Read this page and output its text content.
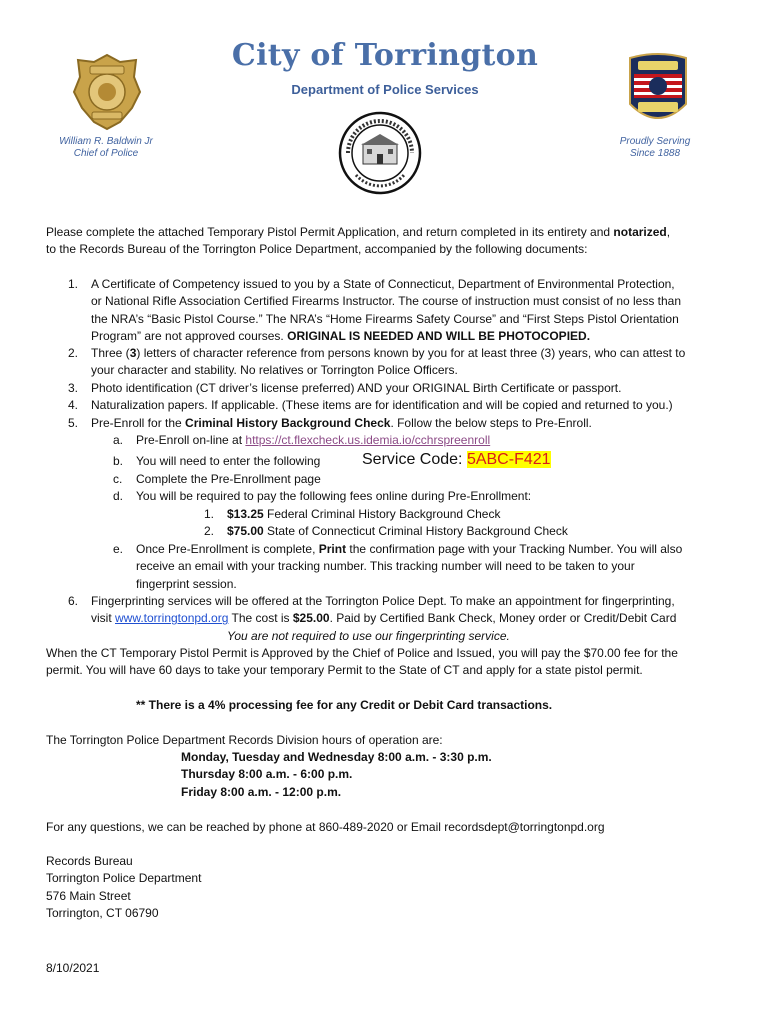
City of Torrington
Department of Police Services
William R. Baldwin Jr
Chief of Police
Proudly Serving
Since 1888
Please complete the attached Temporary Pistol Permit Application, and return completed in its entirety and notarized,
to the Records Bureau of the Torrington Police Department, accompanied by the following documents:
1. A Certificate of Competency issued to you by a State of Connecticut, Department of Environmental Protection,
or National Rifle Association Certified Firearms Instructor. The course of instruction must consist of no less than
the NRA’s “Basic Pistol Course.” The NRA’s “Home Firearms Safety Course” and “First Steps Pistol Orientation
Program” are not approved courses. ORIGINAL IS NEEDED AND WILL BE PHOTOCOPIED.
2. Three (3) letters of character reference from persons known by you for at least three (3) years, who can attest to
your character and stability. No relatives or Torrington Police Officers.
3. Photo identification (CT driver’s license preferred) AND your ORIGINAL Birth Certificate or passport.
4. Naturalization papers. If applicable. (These items are for identification and will be copied and returned to you.)
5. Pre-Enroll for the Criminal History Background Check. Follow the below steps to Pre-Enroll.
a. Pre-Enroll on-line at https://ct.flexcheck.us.idemia.io/cchrspreenroll
b. You will need to enter the following	Service Code: 5ABC-F421
c. Complete the Pre-Enrollment page
d. You will be required to pay the following fees online during Pre-Enrollment:
1. $13.25 Federal Criminal History Background Check
2. $75.00 State of Connecticut Criminal History Background Check
e. Once Pre-Enrollment is complete, Print the confirmation page with your Tracking Number. You will also
receive an email with your tracking number. This tracking number will need to be taken to your
fingerprint session.
6. Fingerprinting services will be offered at the Torrington Police Dept. To make an appointment for fingerprinting,
visit www.torringtonpd.org The cost is $25.00. Paid by Certified Bank Check, Money order or Credit/Debit Card
You are not required to use our fingerprinting service.
When the CT Temporary Pistol Permit is Approved by the Chief of Police and Issued, you will pay the $70.00 fee for the
permit. You will have 60 days to take your temporary Permit to the State of CT and apply for a state pistol permit.
** There is a 4% processing fee for any Credit or Debit Card transactions.
The Torrington Police Department Records Division hours of operation are:
Monday, Tuesday and Wednesday 8:00 a.m. - 3:30 p.m.
Thursday 8:00 a.m. - 6:00 p.m.
Friday 8:00 a.m. - 12:00 p.m.
For any questions, we can be reached by phone at 860-489-2020 or Email recordsdept@torringtonpd.org
Records Bureau
Torrington Police Department
576 Main Street
Torrington, CT 06790
8/10/2021
